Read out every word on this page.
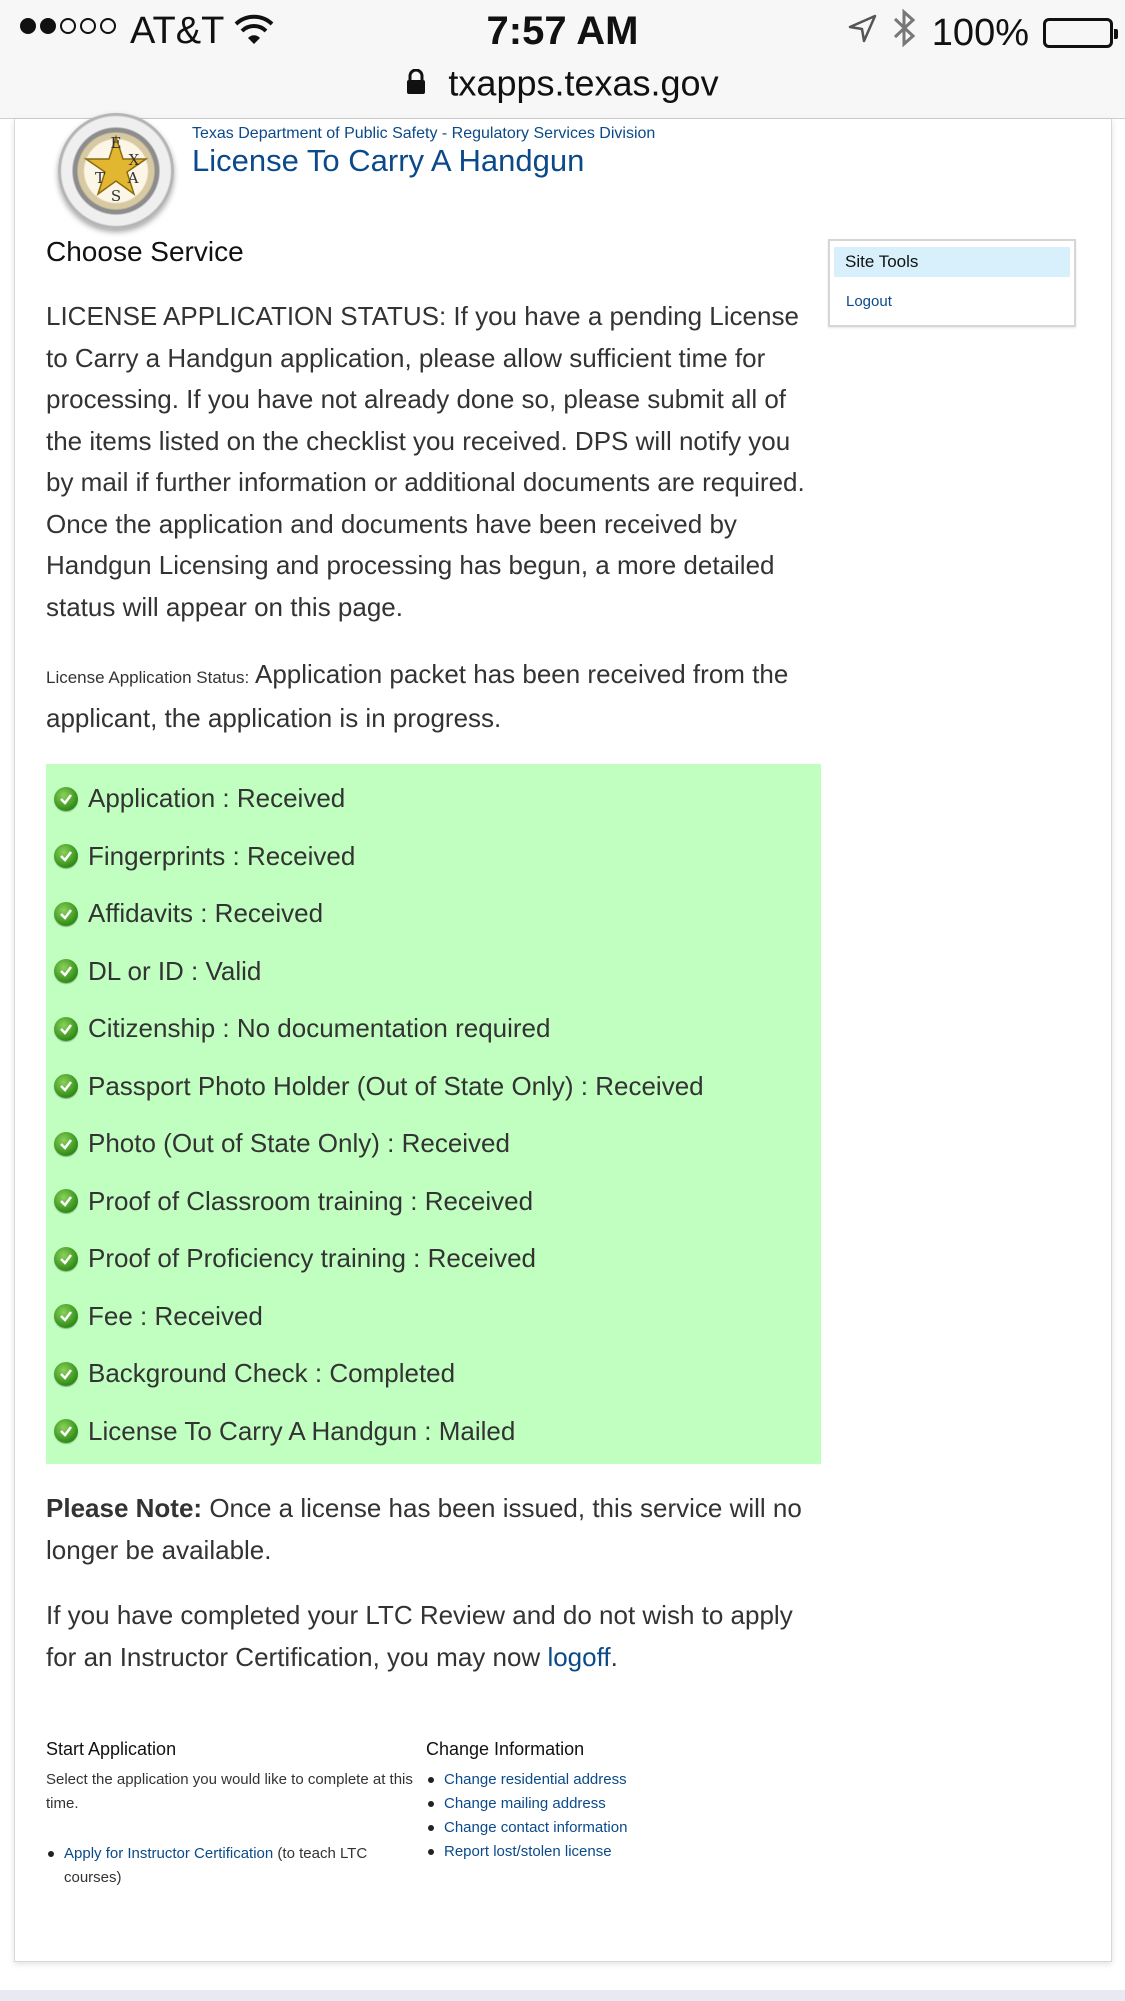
AT&T	7:57 AM	100%
txapps.texas.gov
E
X
T A
S
Texas Department of Public Safety - Regulatory Services Division
License To Carry A Handgun
Choose Service

LICENSE APPLICATION STATUS: If you have a pending License to Carry a Handgun application, please allow sufficient time for processing. If you have not already done so, please submit all of the items listed on the checklist you received. DPS will notify you by mail if further information or additional documents are required. Once the application and documents have been received by Handgun Licensing and processing has begun, a more detailed status will appear on this page.

License Application Status: Application packet has been received from the applicant, the application is in progress.

Application : Received
Fingerprints : Received
Affidavits : Received
DL or ID : Valid
Citizenship : No documentation required
Passport Photo Holder (Out of State Only) : Received
Photo (Out of State Only) : Received
Proof of Classroom training : Received
Proof of Proficiency training : Received
Fee : Received
Background Check : Completed
License To Carry A Handgun : Mailed

Please Note: Once a license has been issued, this service will no longer be available.

If you have completed your LTC Review and do not wish to apply for an Instructor Certification, you may now logoff.

Start Application
Select the application you would like to complete at this time.
Apply for Instructor Certification (to teach LTC courses)
Change Information
Change residential address
Change mailing address
Change contact information
Report lost/stolen license
Site Tools
Logout
